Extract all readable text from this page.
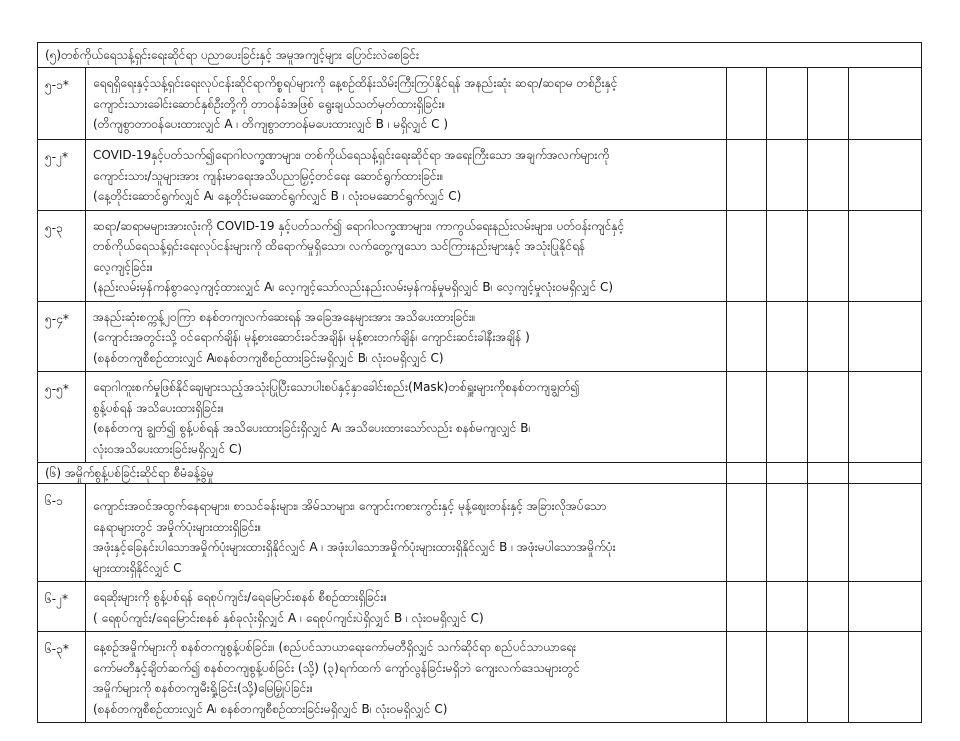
(၅)တစ်ကိုယ်ရေသန့်ရှင်းရေးဆိုင်ရာ ပညာပေးခြင်းနှင့် အမူအကျင့်များ ပြောင်းလဲစေခြင်း					
၅-၁*	ရေရရှိရေးနှင့်သန့်ရှင်းရေးလုပ်ငန်းဆိုင်ရာကိစ္စရပ်များကို နေ့စဉ်ထိန်းသိမ်းကြီးကြပ်နိုင်ရန် အနည်းဆုံး ဆရာ/ဆရာမ တစ်ဦးနှင့်
ကျောင်းသားခေါင်းဆောင်နှစ်ဦးတို့ကို တာဝန်ခံအဖြစ် ရွေးချယ်သတ်မှတ်ထားရှိခြင်း။
(တိကျစွာတာဝန်ပေးထားလျှင် A ၊ တိကျစွာတာဝန်မပေးထားလျှင် B ၊ မရှိလျှင် C )				

၅-၂*	COVID-19နှင့်ပတ်သက်၍ရောဂါလက္ခဏာများ၊ တစ်ကိုယ်ရေသန့်ရှင်းရေးဆိုင်ရာ အရေးကြီးသော အချက်အလက်များကို
ကျောင်းသား/သူများအား ကျန်းမာရေးအသိပညာမြှင့်တင်ရေး ဆောင်ရွက်ထားခြင်း။
(နေ့တိုင်းဆောင်ရွက်လျှင် A၊ နေ့တိုင်းမဆောင်ရွက်လျှင် B ၊ လုံးဝမဆောင်ရွက်လျှင် C)				

၅-၃	ဆရာ/ဆရာမများအားလုံးကို COVID-19 နှင့်ပတ်သက်၍ ရောဂါလက္ခဏာများ၊ ကာကွယ်ရေးနည်းလမ်းများ၊ ပတ်ဝန်းကျင်နှင့်
တစ်ကိုယ်ရေသန့်ရှင်းရေးလုပ်ငန်းများကို ထိရောက်မှုရှိသော၊ လက်တွေ့ကျသော သင်ကြားနည်းများနှင့် အသုံးပြုနိုင်ရန်
လေ့ကျင့်ခြင်း။
(နည်းလမ်းမှန်ကန်စွာလေ့ကျင့်ထားလျှင် A၊ လေ့ကျင့်သော်လည်းနည်းလမ်းမှန်ကန်မှုမရှိလျှင် B၊ လေ့ကျင့်မှုလုံးဝမရှိလျှင် C)				

၅-၄*	အနည်းဆုံးစက္ကန့်၂၀ကြာ စနစ်တကျလက်ဆေးရန် အခြေအနေများအား အသိပေးထားခြင်း။
(ကျောင်းအတွင်းသို့ ဝင်ရောက်ချိန်၊ မုန့်စားဆောင်းခင်အချိန်၊ မုန့်စားတက်ချိန်၊ ကျောင်းဆင်းခါနီးအချိန် )
(စနစ်တကျစီစဉ်ထားလျှင် A၊စနစ်တကျစီစဉ်ထားခြင်းမရှိလျှင် B၊ လုံးဝမရှိလျှင် C)				

၅-၅*	ရောဂါကူးစက်မှုဖြစ်နိုင်ချေများသည့်အသုံးပြုပြီးသောပါးစပ်နှင့်နှာခေါင်းစည်း(Mask)တစ်ရှူးများကိုစနစ်တကျချွတ်၍
စွန့်ပစ်ရန် အသိပေးထားရှိခြင်း။
(စနစ်တကျ ချွတ်၍ စွန့်ပစ်ရန် အသိပေးထားခြင်းရှိလျှင် A၊ အသိပေးထားသော်လည်း စနစ်မကျလျှင် B၊
လုံးဝအသိပေးထားခြင်းမရှိလျှင် C)				

(၆) အမှိုက်စွန့်ပစ်ခြင်းဆိုင်ရာ စီမံခန့်ခွဲမှု					
၆-၁	ကျောင်းအဝင်အထွက်နေရာများ၊ စာသင်ခန်းများ၊ အိမ်သာများ၊ ကျောင်းကစားကွင်းနှင့် မုန့်ဈေးတန်းနှင့် အခြားလိုအပ်သော
နေရာများတွင် အမှိုက်ပုံးများထားရှိခြင်း။
အဖုံးနှင့်ခြေနင်းပါသောအမှိုက်ပုံးများထားရှိနိုင်လျှင် A ၊ အဖုံးပါသောအမှိုက်ပုံးများထားရှိနိုင်လျှင် B ၊ အဖုံးမပါသောအမှိုက်ပုံး
များထားရှိနိုင်လျှင် C				

၆-၂*	ရေဆိုးများကို စွန့်ပစ်ရန် ရေစုပ်ကျင်း/ရေမြောင်းစနစ် စီစဉ်ထားရှိခြင်း။
( ရေစုပ်ကျင်း/ရေမြောင်းစနစ် နှစ်ခုလုံးရှိလျှင် A ၊ ရေစုပ်ကျင်းပဲရှိလျှင် B ၊ လုံးဝမရှိလျှင် C)				

၆-၃*	နေ့စဉ်အမှိုက်များကို စနစ်တကျစွန့်ပစ်ခြင်း။ (စည်ပင်သာယာရေးကော်မတီရှိလျှင် သက်ဆိုင်ရာ စည်ပင်သာယာရေး
ကော်မတီနှင့်ချိတ်ဆက်၍ စနစ်တကျစွန့်ပစ်ခြင်း (သို့) (၃)ရက်ထက် ကျော်လွန်ခြင်းမရှိဘဲ ကျေးလက်ဒေသများတွင်
အမှိုက်များကို စနစ်တကျမီးရှို့ခြင်း(သို့)မြေမြှုပ်ခြင်း။
(စနစ်တကျစီစဉ်ထားလျှင် A၊ စနစ်တကျစီစဉ်ထားခြင်းမရှိလျှင် B၊ လုံးဝမရှိလျှင် C)				
